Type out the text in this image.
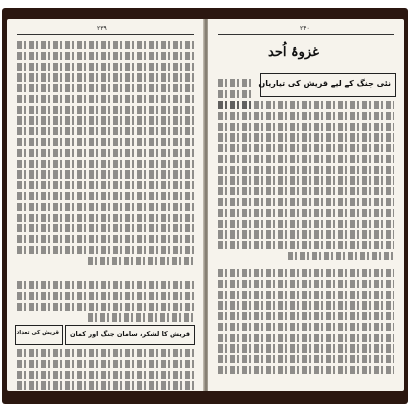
۲۳۹
قریش کا لشکر، سامان جنگ اور کمان
قریش کی تعداد
۲۴۰
غزوۂ اُحد
نئی جنگ کے لیے قریش کی تیاریاں
